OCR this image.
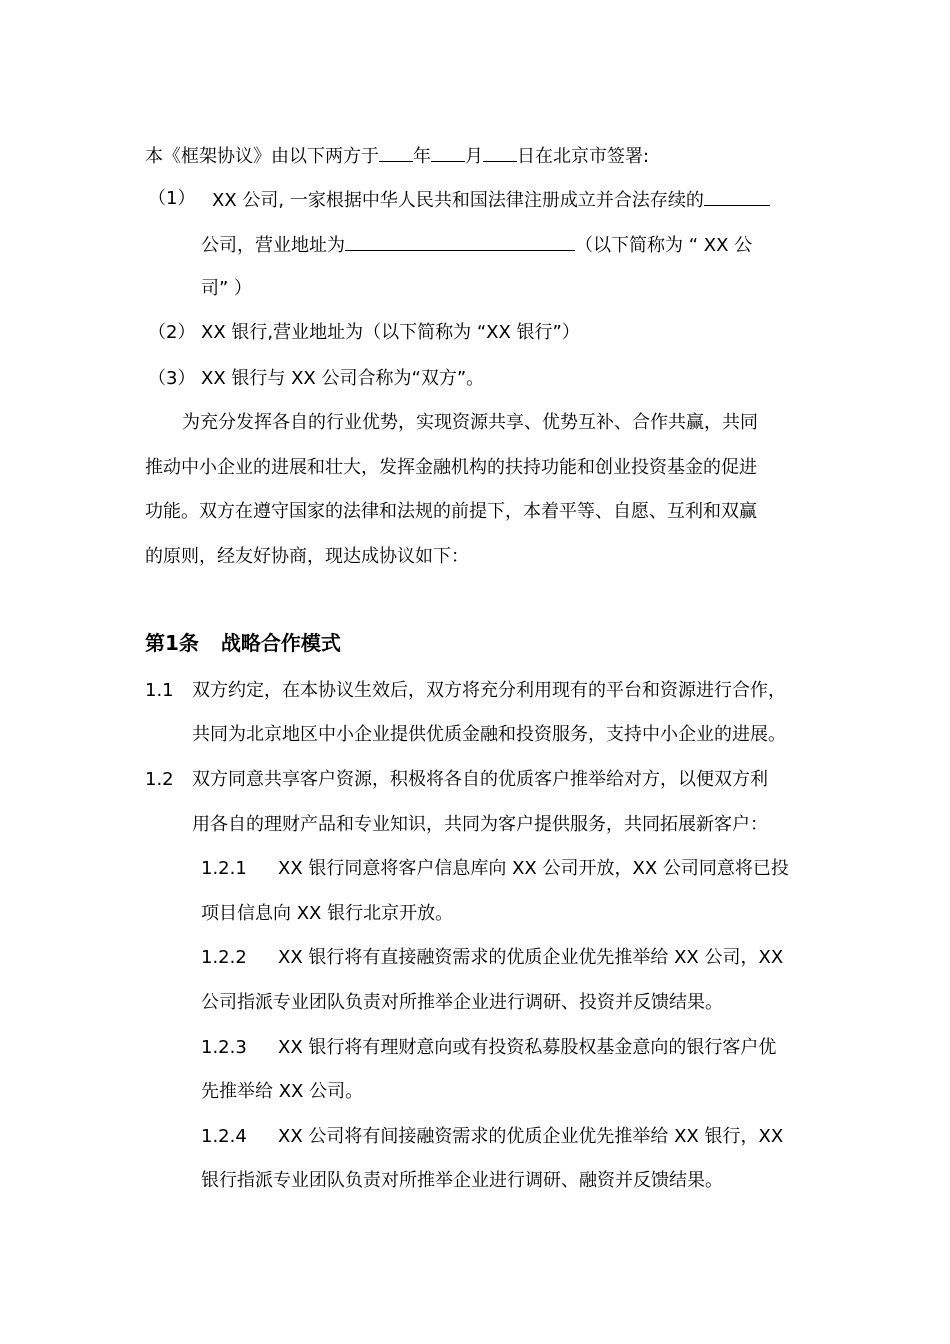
本《框架协议》由以下两方于 年 月 日在北京市签署:
（1） XX 公司, 一家根据中华人民共和国法律注册成立并合法存续的
公司，营业地址为	（以下简称为 “ XX 公
司” ）
（2） XX 银行,营业地址为（以下简称为 “XX 银行”）
（3） XX 银行与 XX 公司合称为“双方”。
为充分发挥各自的行业优势，实现资源共享、优势互补、合作共赢，共同
推动中小企业的进展和壮大，发挥金融机构的扶持功能和创业投资基金的促进
功能。双方在遵守国家的法律和法规的前提下，本着平等、自愿、互利和双赢
的原则，经友好协商，现达成协议如下：
第1条 战略合作模式
1.1 双方约定，在本协议生效后，双方将充分利用现有的平台和资源进行合作，
共同为北京地区中小企业提供优质金融和投资服务，支持中小企业的进展。
1.2 双方同意共享客户资源，积极将各自的优质客户推举给对方，以便双方利
用各自的理财产品和专业知识，共同为客户提供服务，共同拓展新客户：
1.2.1 XX 银行同意将客户信息库向 XX 公司开放，XX 公司同意将已投
项目信息向 XX 银行北京开放。
1.2.2 XX 银行将有直接融资需求的优质企业优先推举给 XX 公司，XX
公司指派专业团队负责对所推举企业进行调研、投资并反馈结果。
1.2.3 XX 银行将有理财意向或有投资私募股权基金意向的银行客户优
先推举给 XX 公司。
1.2.4 XX 公司将有间接融资需求的优质企业优先推举给 XX 银行，XX
银行指派专业团队负责对所推举企业进行调研、融资并反馈结果。
